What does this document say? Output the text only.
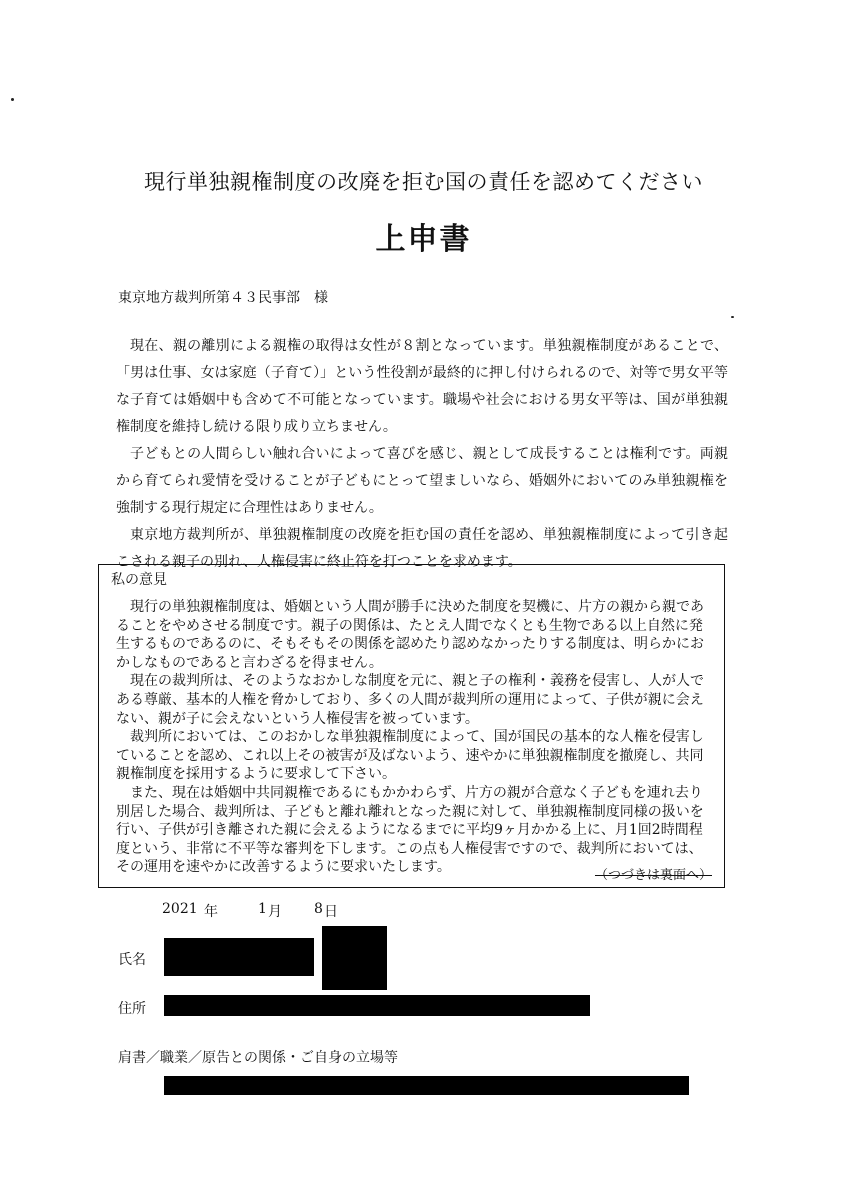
現行単独親権制度の改廃を拒む国の責任を認めてください
上申書
東京地方裁判所第４３民事部　様

現在、親の離別による親権の取得は女性が８割となっています。単独親権制度があることで、「男は仕事、女は家庭（子育て）」という性役割が最終的に押し付けられるので、対等で男女平等な子育ては婚姻中も含めて不可能となっています。職場や社会における男女平等は、国が単独親権制度を維持し続ける限り成り立ちません。

子どもとの人間らしい触れ合いによって喜びを感じ、親として成長することは権利です。両親から育てられ愛情を受けることが子どもにとって望ましいなら、婚姻外においてのみ単独親権を強制する現行規定に合理性はありません。

東京地方裁判所が、単独親権制度の改廃を拒む国の責任を認め、単独親権制度によって引き起こされる親子の別れ、人権侵害に終止符を打つことを求めます。

私の意見

現行の単独親権制度は、婚姻という人間が勝手に決めた制度を契機に、片方の親から親であることをやめさせる制度です。親子の関係は、たとえ人間でなくとも生物である以上自然に発生するものであるのに、そもそもその関係を認めたり認めなかったりする制度は、明らかにおかしなものであると言わざるを得ません。

現在の裁判所は、そのようなおかしな制度を元に、親と子の権利・義務を侵害し、人が人である尊厳、基本的人権を脅かしており、多くの人間が裁判所の運用によって、子供が親に会えない、親が子に会えないという人権侵害を被っています。

裁判所においては、このおかしな単独親権制度によって、国が国民の基本的な人権を侵害していることを認め、これ以上その被害が及ばないよう、速やかに単独親権制度を撤廃し、共同親権制度を採用するように要求して下さい。

また、現在は婚姻中共同親権であるにもかかわらず、片方の親が合意なく子どもを連れ去り別居した場合、裁判所は、子どもと離れ離れとなった親に対して、単独親権制度同様の扱いを行い、子供が引き離された親に会えるようになるまでに平均9ヶ月かかる上に、月1回2時間程度という、非常に不平等な審判を下します。この点も人権侵害ですので、裁判所においては、その運用を速やかに改善するように要求いたします。

（つづきは裏面へ）
2021 年	1 月 8 日
氏名
住所
肩書／職業／原告との関係・ご自身の立場等
